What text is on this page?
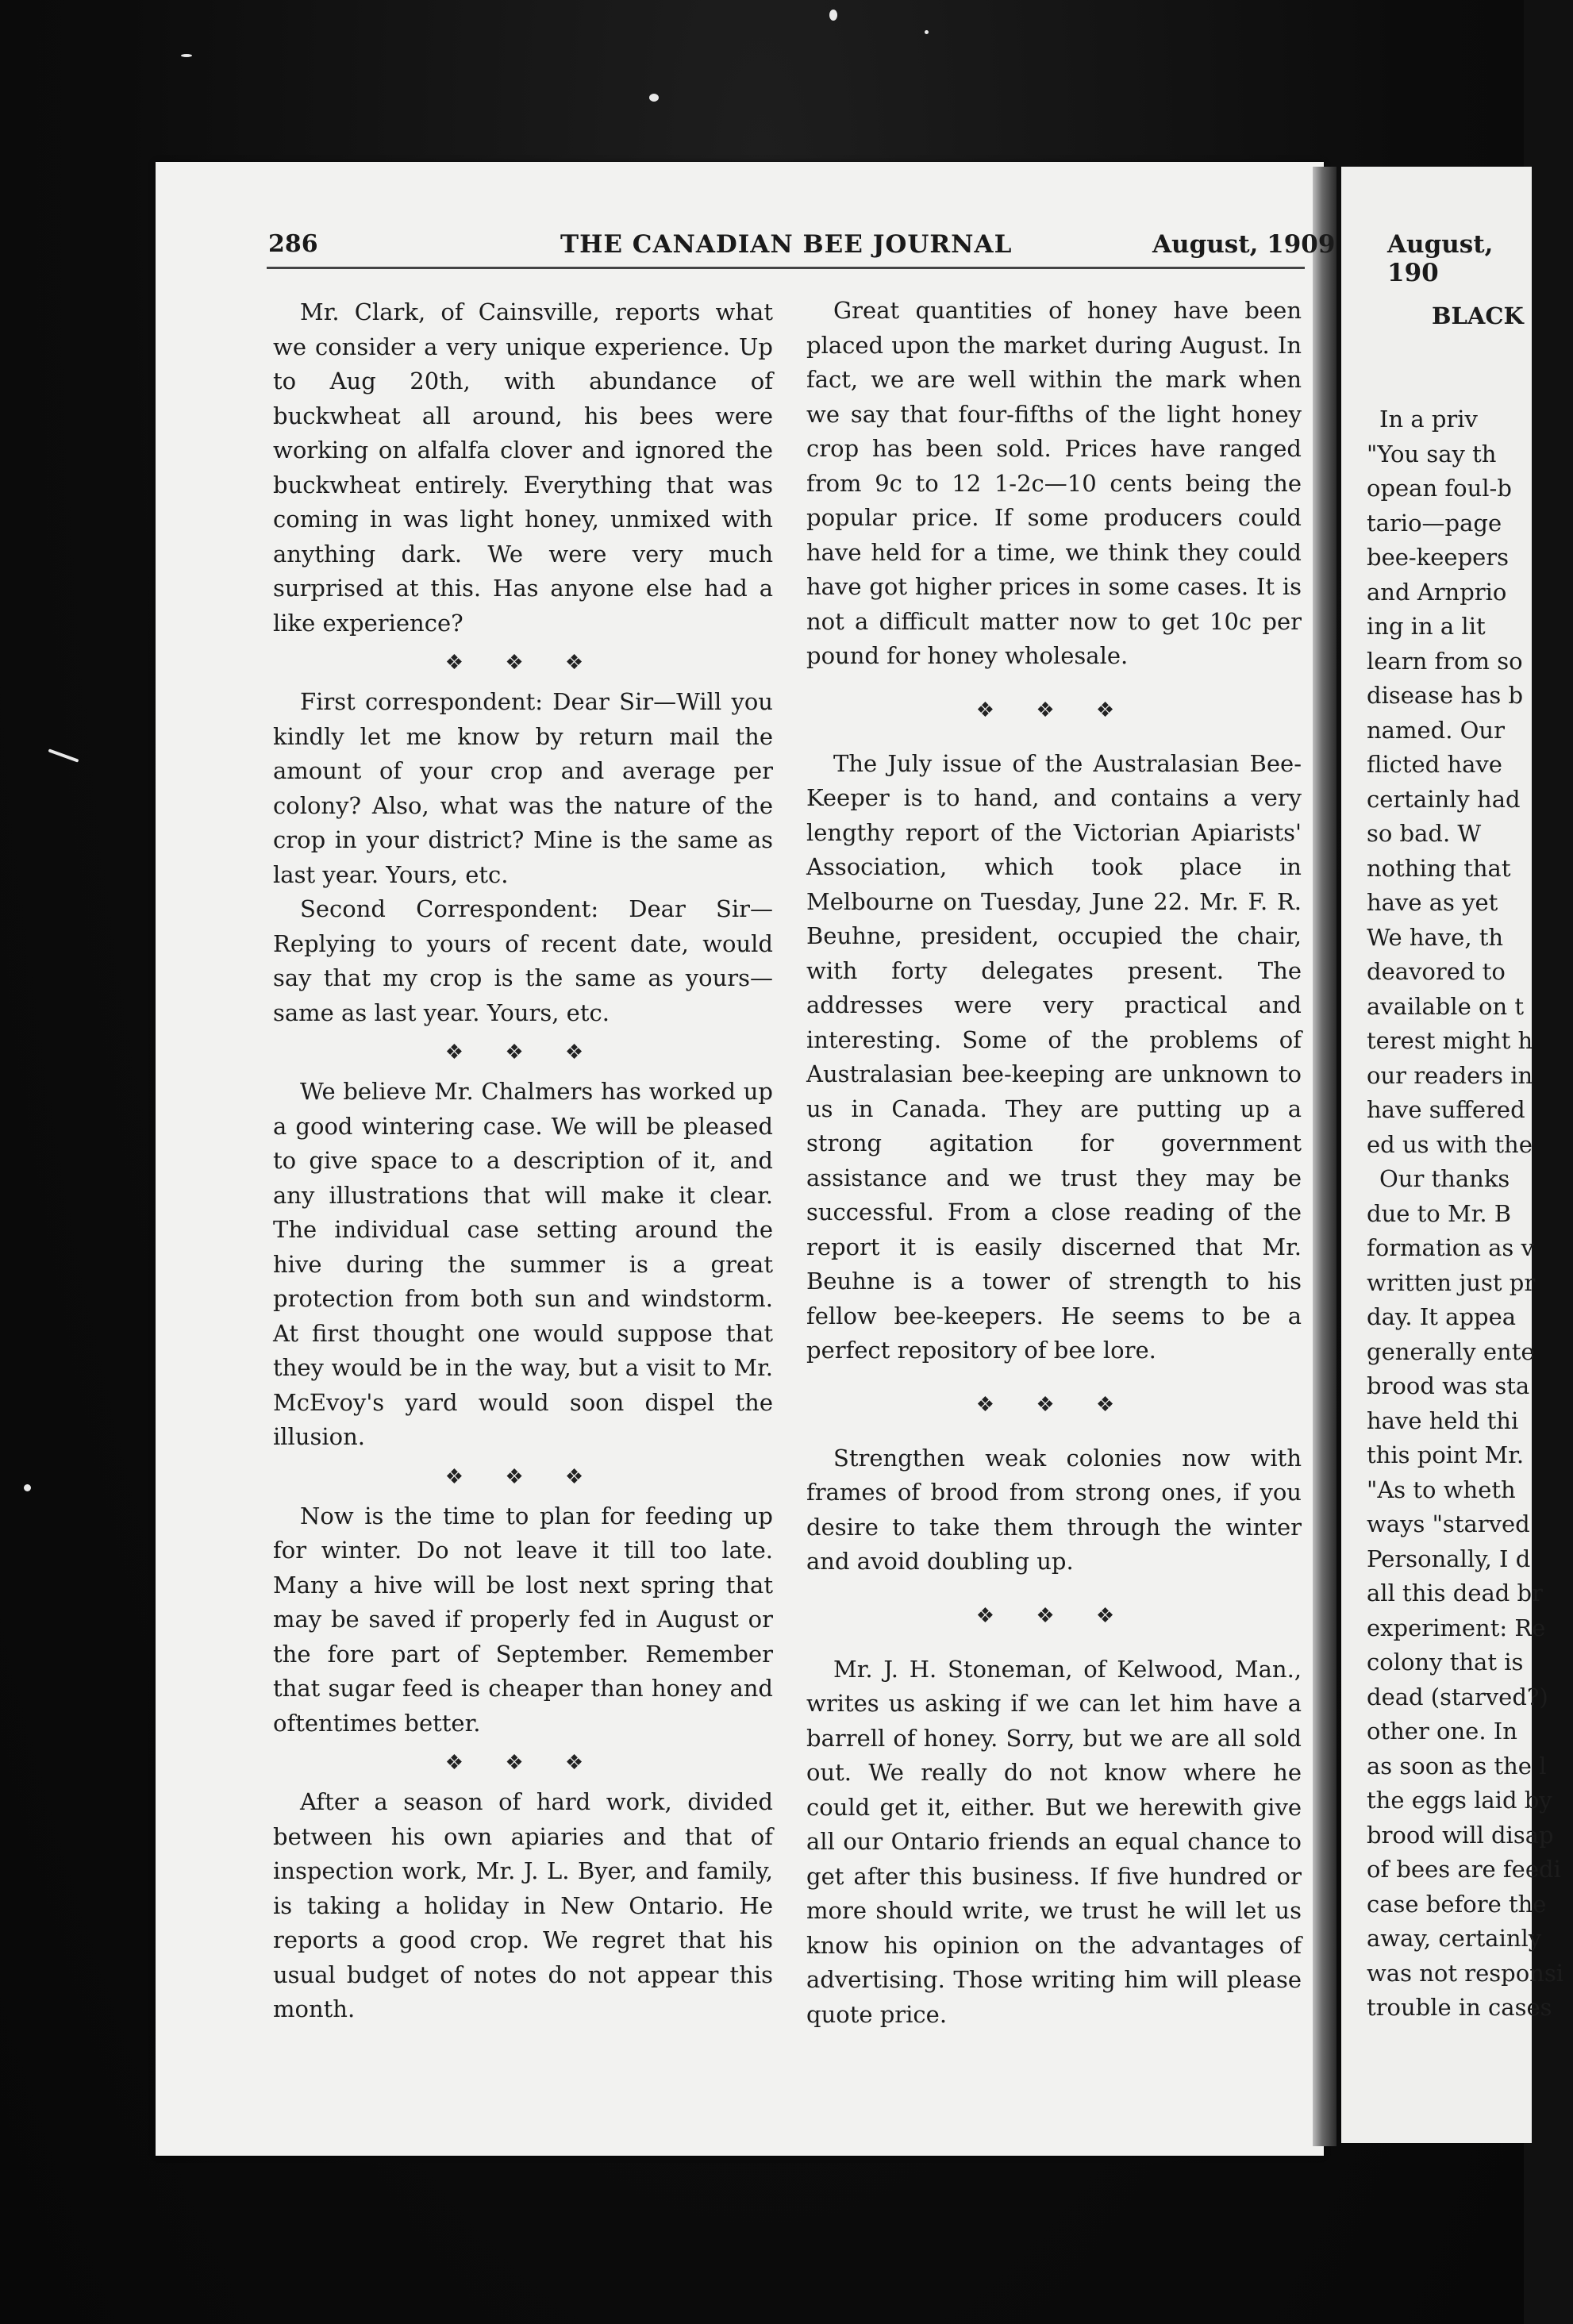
286	THE CANADIAN BEE JOURNAL	August, 1909 August, 190

Mr. Clark, of Cainsville, reports what we consider a very unique experience. Up to Aug 20th, with abundance of buckwheat all around, his bees were working on alfalfa clover and ignored the buckwheat entirely. Everything that was coming in was light honey, unmixed with anything dark. We were very much surprised at this. Has anyone else had a like experience?

❖ ❖ ❖

First correspondent: Dear Sir—Will you kindly let me know by return mail the amount of your crop and average per colony? Also, what was the nature of the crop in your district? Mine is the same as last year. Yours, etc.

Second Correspondent: Dear Sir—Replying to yours of recent date, would say that my crop is the same as yours—same as last year. Yours, etc.

❖ ❖ ❖

We believe Mr. Chalmers has worked up a good wintering case. We will be pleased to give space to a description of it, and any illustrations that will make it clear. The individual case setting around the hive during the summer is a great protection from both sun and windstorm. At first thought one would suppose that they would be in the way, but a visit to Mr. McEvoy's yard would soon dispel the illusion.

❖ ❖ ❖

Now is the time to plan for feeding up for winter. Do not leave it till too late. Many a hive will be lost next spring that may be saved if properly fed in August or the fore part of September. Remember that sugar feed is cheaper than honey and oftentimes better.

❖ ❖ ❖

After a season of hard work, divided between his own apiaries and that of inspection work, Mr. J. L. Byer, and family, is taking a holiday in New Ontario. He reports a good crop. We regret that his usual budget of notes do not appear this month.

Great quantities of honey have been placed upon the market during August. In fact, we are well within the mark when we say that four-fifths of the light honey crop has been sold. Prices have ranged from 9c to 12 1-2c—10 cents being the popular price. If some producers could have held for a time, we think they could have got higher prices in some cases. It is not a difficult matter now to get 10c per pound for honey wholesale.

❖ ❖ ❖

The July issue of the Australasian Bee-Keeper is to hand, and contains a very lengthy report of the Victorian Apiarists' Association, which took place in Melbourne on Tuesday, June 22. Mr. F. R. Beuhne, president, occupied the chair, with forty delegates present. The addresses were very practical and interesting. Some of the problems of Australasian bee-keeping are unknown to us in Canada. They are putting up a strong agitation for government assistance and we trust they may be successful. From a close reading of the report it is easily discerned that Mr. Beuhne is a tower of strength to his fellow bee-keepers. He seems to be a perfect repository of bee lore.

❖ ❖ ❖

Strengthen weak colonies now with frames of brood from strong ones, if you desire to take them through the winter and avoid doubling up.

❖ ❖ ❖

Mr. J. H. Stoneman, of Kelwood, Man., writes us asking if we can let him have a barrell of honey. Sorry, but we are all sold out. We really do not know where he could get it, either. But we herewith give all our Ontario friends an equal chance to get after this business. If five hundred or more should write, we trust he will let us know his opinion on the advantages of advertising. Those writing him will please quote price.

BLACK
In a priv
"You say th
opean foul-b
tario—page
bee-keepers
and Arnprio
ing in a lit
learn from so
disease has b
named. Our
flicted have
certainly had
so bad. W
nothing that
have as yet
We have, th
deavored to
available on t
terest might h
our readers in
have suffered
ed us with the
Our thanks
due to Mr. B
formation as v
written just pr
day. It appea
generally ente
brood was sta
have held thi
this point Mr.
"As to wheth
ways "starved
Personally, I d
all this dead br
experiment: Re
colony that is
dead (starved?)
other one. In
as soon as the l
the eggs laid by
brood will disap
of bees are feedi
case before the
away, certainly
was not responsi
trouble in cases
